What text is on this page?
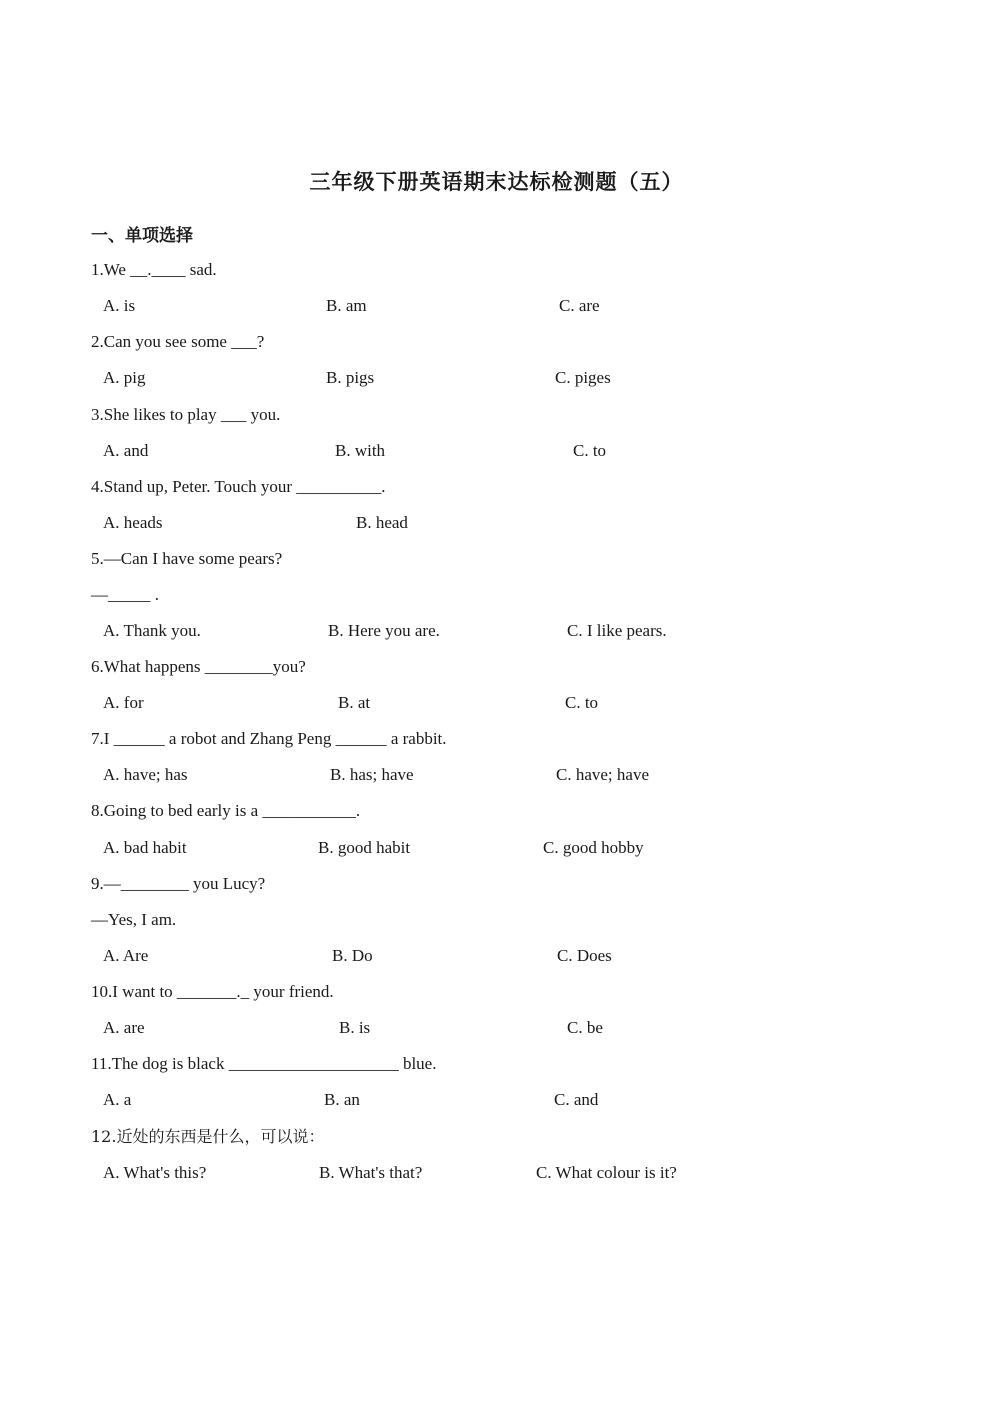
三年级下册英语期末达标检测题（五）
一、单项选择
1.We __.____ sad.
A. is	B. am	C. are
2.Can you see some ___?
A. pig	B. pigs	C. piges
3.She likes to play ___ you.
A. and	B. with	C. to
4.Stand up, Peter. Touch your __________.
A. heads	B. head
5.—Can I have some pears?
—_____ .
A. Thank you.	B. Here you are.	C. I like pears.
6.What happens ________you?
A. for	B. at	C. to
7.I ______ a robot and Zhang Peng ______ a rabbit.
A. have; has	B. has; have	C. have; have
8.Going to bed early is a ___________.
A. bad habit	B. good habit	C. good hobby
9.—________ you Lucy?
—Yes, I am.
A. Are	B. Do	C. Does
10.I want to _______._ your friend.
A. are	B. is	C. be
11.The dog is black ____________________ blue.
A. a	B. an	C. and
12.近处的东西是什么，可以说：
A. What's this?	B. What's that?	C. What colour is it?
